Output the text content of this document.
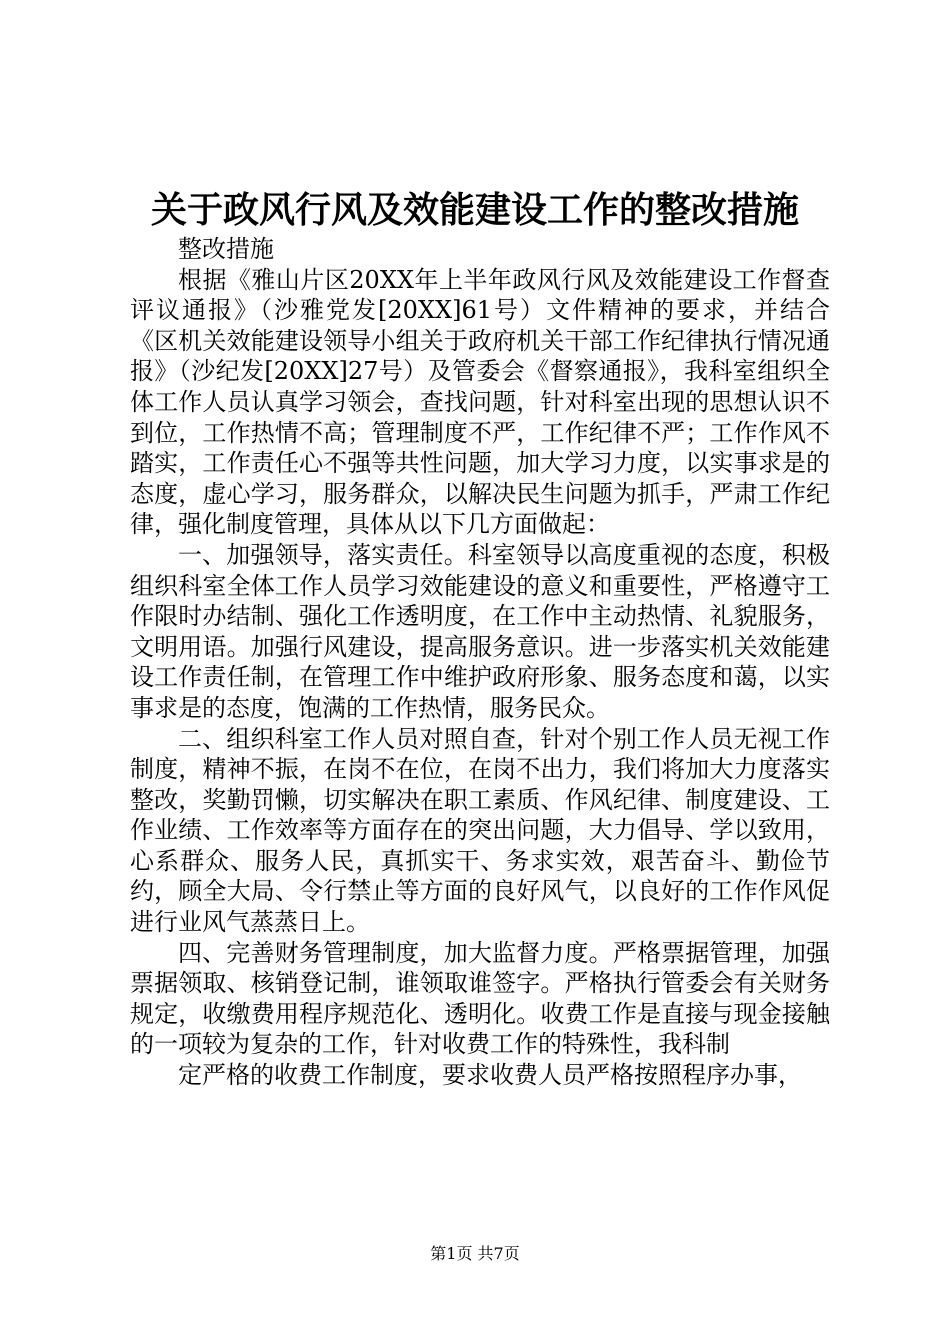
关于政风行风及效能建设工作的整改措施

整改措施

根据《雅山片区20XX年上半年政风行风及效能建设工作督查评议通报》（沙雅党发[20XX]61号）文件精神的要求，并结合《区机关效能建设领导小组关于政府机关干部工作纪律执行情况通报》（沙纪发[20XX]27号）及管委会《督察通报》，我科室组织全体工作人员认真学习领会，查找问题，针对科室出现的思想认识不到位，工作热情不高；管理制度不严，工作纪律不严；工作作风不踏实，工作责任心不强等共性问题，加大学习力度，以实事求是的态度，虚心学习，服务群众，以解决民生问题为抓手，严肃工作纪律，强化制度管理，具体从以下几方面做起：

一、加强领导，落实责任。科室领导以高度重视的态度，积极组织科室全体工作人员学习效能建设的意义和重要性，严格遵守工作限时办结制、强化工作透明度，在工作中主动热情、礼貌服务，文明用语。加强行风建设，提高服务意识。进一步落实机关效能建设工作责任制，在管理工作中维护政府形象、服务态度和蔼，以实事求是的态度，饱满的工作热情，服务民众。

二、组织科室工作人员对照自查，针对个别工作人员无视工作制度，精神不振，在岗不在位，在岗不出力，我们将加大力度落实整改，奖勤罚懒，切实解决在职工素质、作风纪律、制度建设、工作业绩、工作效率等方面存在的突出问题，大力倡导、学以致用，心系群众、服务人民，真抓实干、务求实效，艰苦奋斗、勤俭节约，顾全大局、令行禁止等方面的良好风气，以良好的工作作风促进行业风气蒸蒸日上。

四、完善财务管理制度，加大监督力度。严格票据管理，加强票据领取、核销登记制，谁领取谁签字。严格执行管委会有关财务规定，收缴费用程序规范化、透明化。收费工作是直接与现金接触的一项较为复杂的工作，针对收费工作的特殊性，我科制

定严格的收费工作制度，要求收费人员严格按照程序办事，

第1页 共7页
